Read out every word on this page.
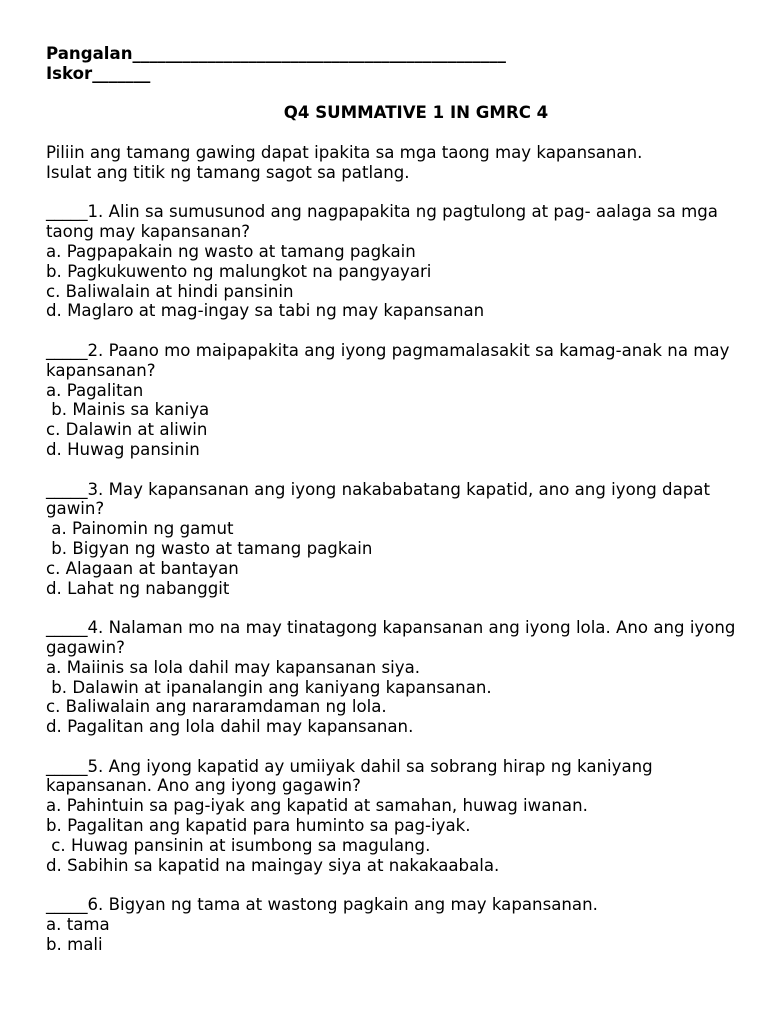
Pangalan_____________________________________________

Iskor_______

Q4 SUMMATIVE 1 IN GMRC 4

Piliin ang tamang gawing dapat ipakita sa mga taong may kapansanan.

Isulat ang titik ng tamang sagot sa patlang.

_____1. Alin sa sumusunod ang nagpapakita ng pagtulong at pag- aalaga sa mga taong may kapansanan?

a. Pagpapakain ng wasto at tamang pagkain

b. Pagkukuwento ng malungkot na pangyayari

c. Baliwalain at hindi pansinin

d. Maglaro at mag-ingay sa tabi ng may kapansanan

_____2. Paano mo maipapakita ang iyong pagmamalasakit sa kamag-anak na may kapansanan?

a. Pagalitan

b. Mainis sa kaniya

c. Dalawin at aliwin

d. Huwag pansinin

_____3. May kapansanan ang iyong nakababatang kapatid, ano ang iyong dapat gawin?

a. Painomin ng gamut

b. Bigyan ng wasto at tamang pagkain

c. Alagaan at bantayan

d. Lahat ng nabanggit

_____4. Nalaman mo na may tinatagong kapansanan ang iyong lola. Ano ang iyong gagawin?

a. Maiinis sa lola dahil may kapansanan siya.

b. Dalawin at ipanalangin ang kaniyang kapansanan.

c. Baliwalain ang nararamdaman ng lola.

d. Pagalitan ang lola dahil may kapansanan.

_____5. Ang iyong kapatid ay umiiyak dahil sa sobrang hirap ng kaniyang kapansanan. Ano ang iyong gagawin?

a. Pahintuin sa pag-iyak ang kapatid at samahan, huwag iwanan.

b. Pagalitan ang kapatid para huminto sa pag-iyak.

c. Huwag pansinin at isumbong sa magulang.

d. Sabihin sa kapatid na maingay siya at nakakaabala.

_____6. Bigyan ng tama at wastong pagkain ang may kapansanan.

a. tama

b. mali
